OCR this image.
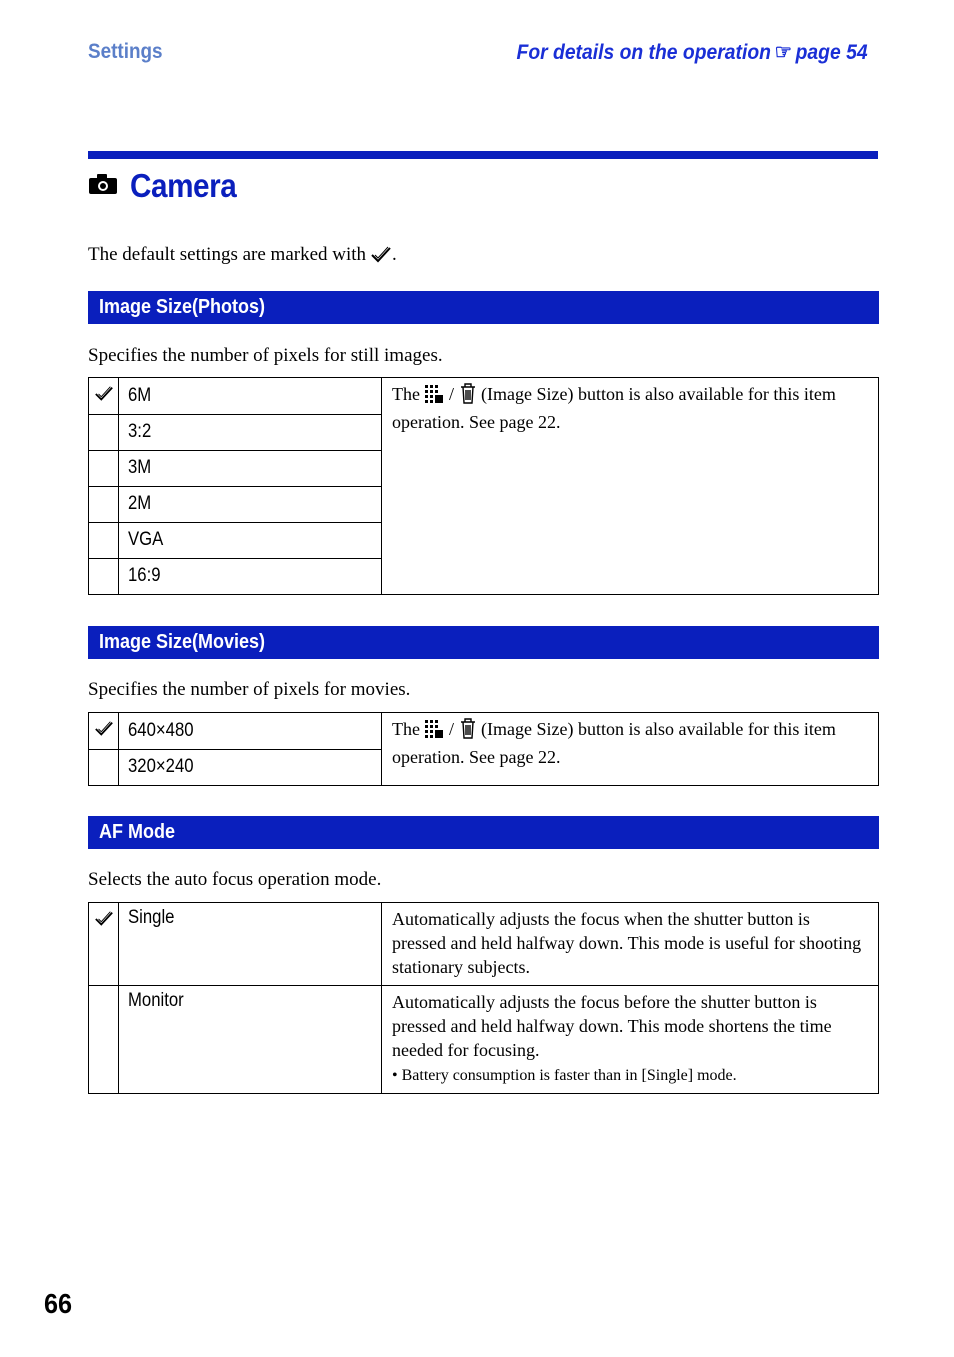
Settings	For details on the operation ☞ page 54
Camera
The default settings are marked with .
Image Size(Photos)
Specifies the number of pixels for still images.
	6M	The / (Image Size) button is also available for this item operation. See page 22.
	3:2	
	3M	
	2M	
	VGA	
	16:9	
Image Size(Movies)
Specifies the number of pixels for movies.
	640×480	The / (Image Size) button is also available for this item operation. See page 22.
	320×240	
AF Mode
Selects the auto focus operation mode.
	Single	Automatically adjusts the focus when the shutter button is pressed and held halfway down. This mode is useful for shooting stationary subjects.
	Monitor	Automatically adjusts the focus before the shutter button is pressed and held halfway down. This mode shortens the time needed for focusing.
• Battery consumption is faster than in [Single] mode.
66
